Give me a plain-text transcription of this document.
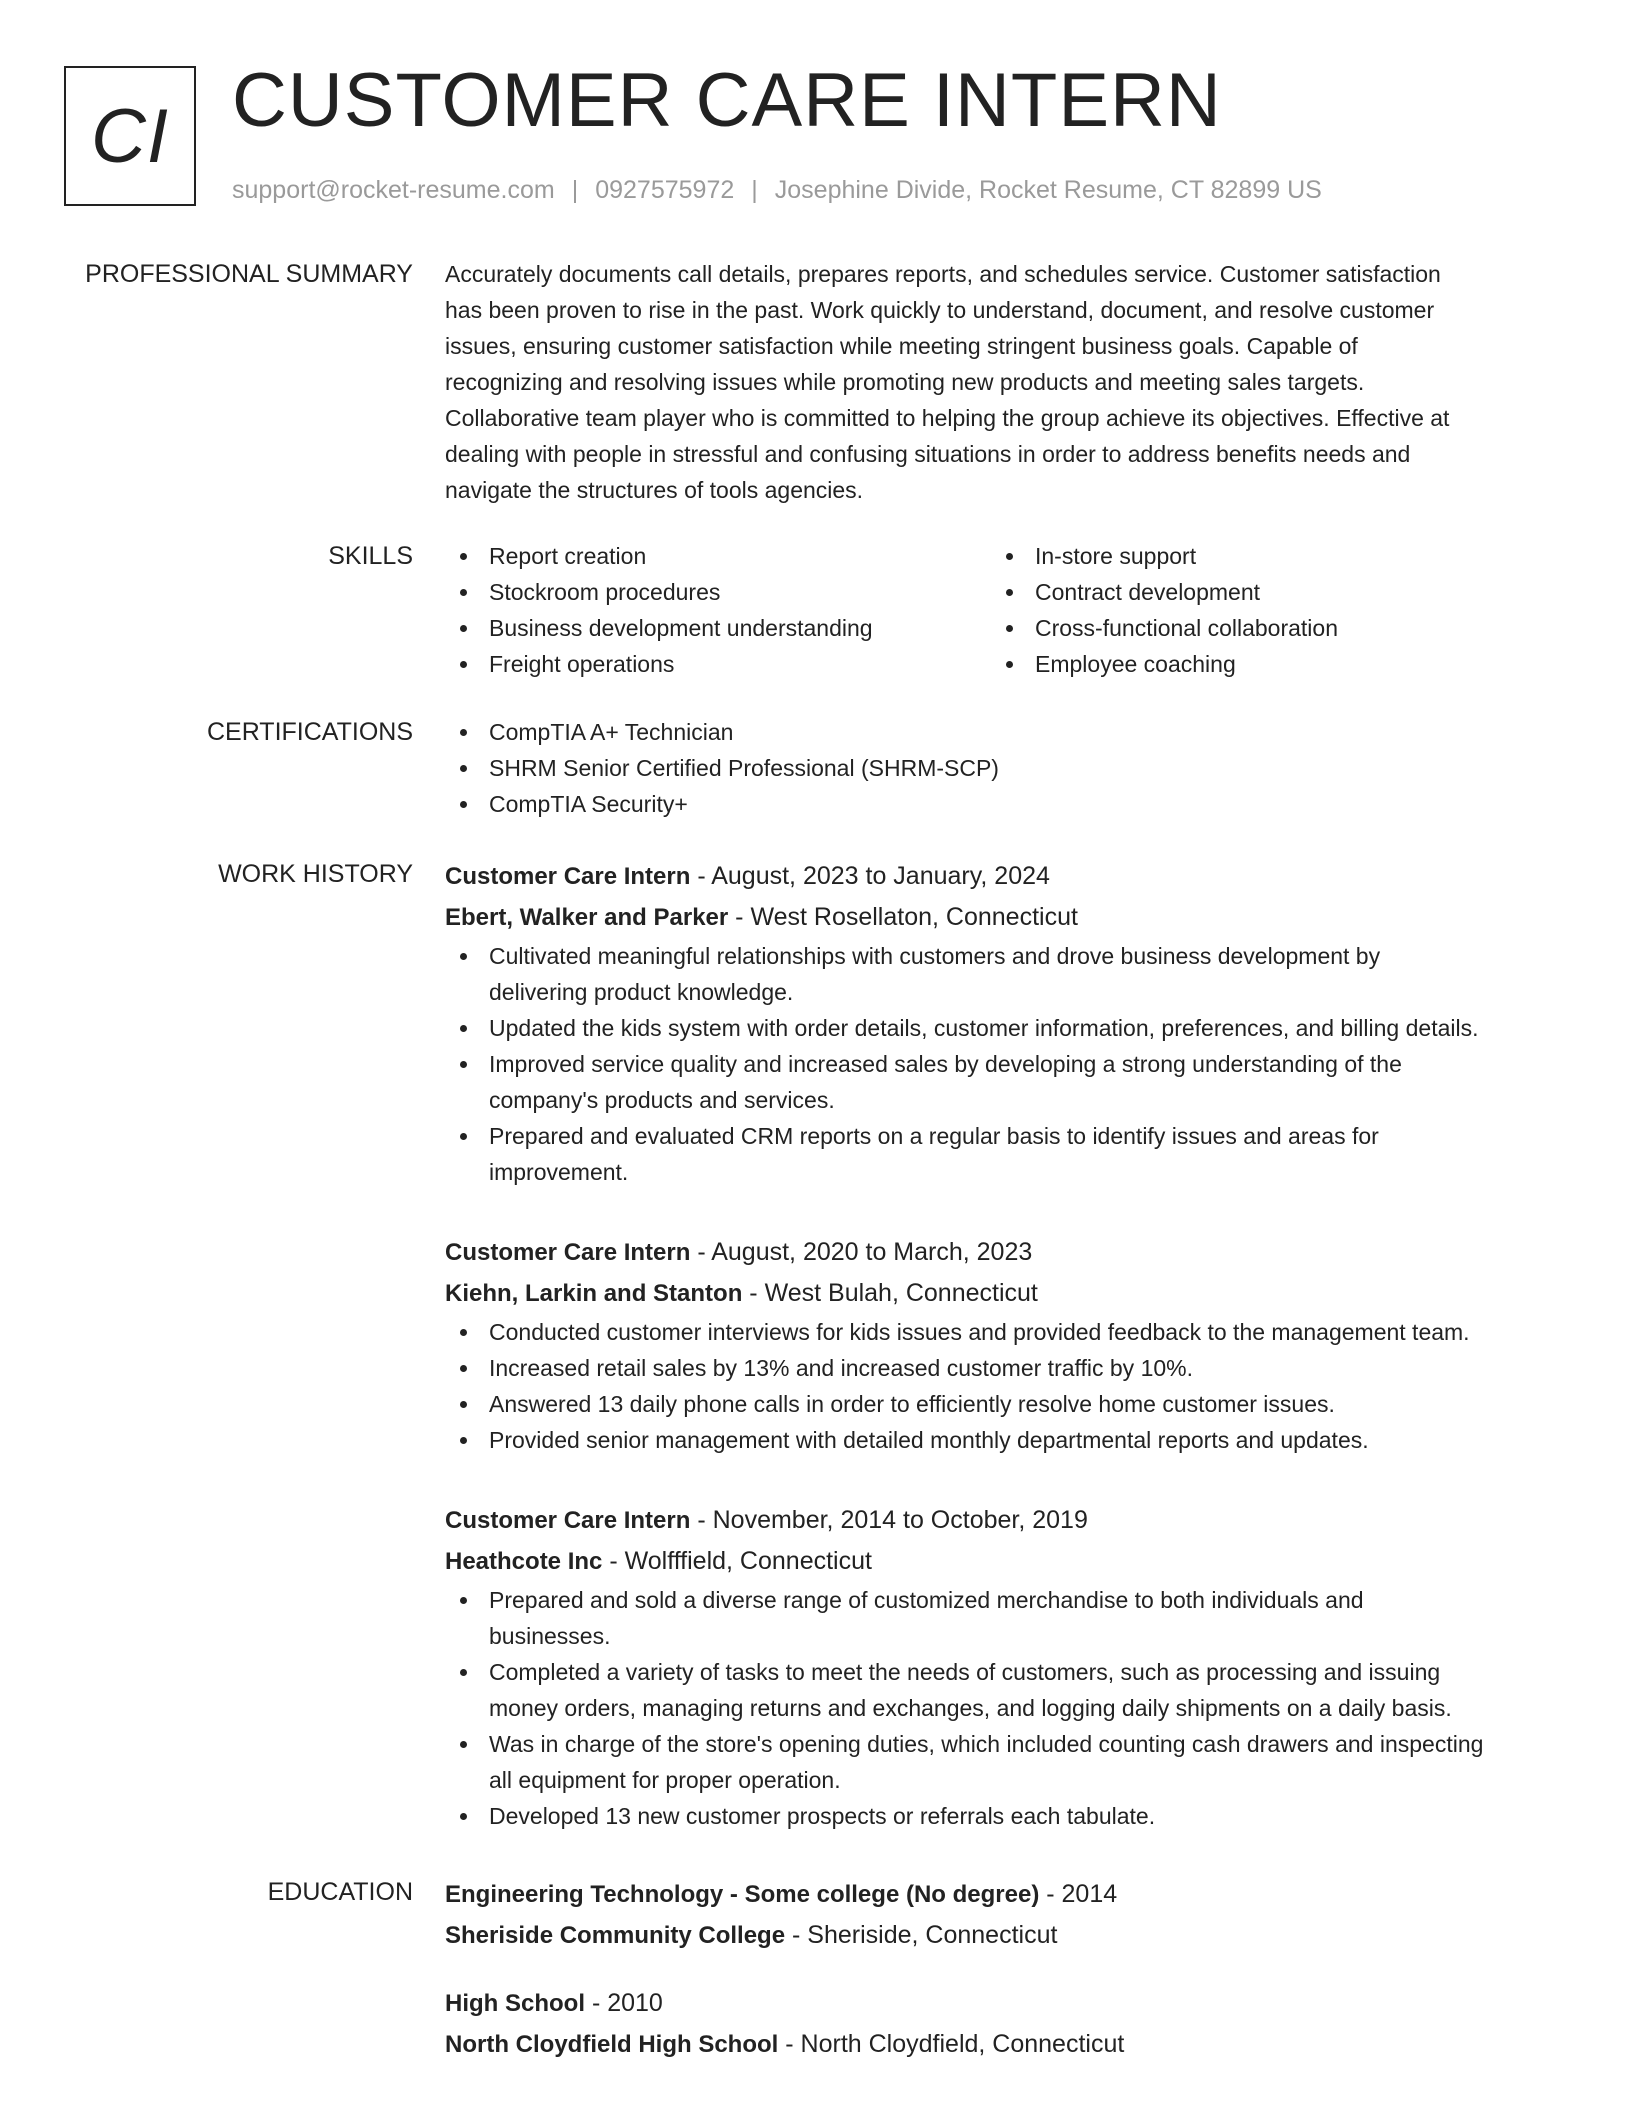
CI CUSTOMER CARE INTERN
support@rocket-resume.com | 0927575972 | Josephine Divide, Rocket Resume, CT 82899 US
PROFESSIONAL SUMMARY Accurately documents call details, prepares reports, and schedules service. Customer satisfaction
has been proven to rise in the past. Work quickly to understand, document, and resolve customer
issues, ensuring customer satisfaction while meeting stringent business goals. Capable of
recognizing and resolving issues while promoting new products and meeting sales targets.
Collaborative team player who is committed to helping the group achieve its objectives. Effective at
dealing with people in stressful and confusing situations in order to address benefits needs and
navigate the structures of tools agencies.

SKILLS	Report creation
Stockroom procedures
Business development understanding
Freight operations
In-store support
Contract development
Cross-functional collaboration
Employee coaching
CERTIFICATIONS	CompTIA A+ Technician
SHRM Senior Certified Professional (SHRM-SCP)
CompTIA Security+
WORK HISTORY Customer Care Intern - August, 2023 to January, 2024
Ebert, Walker and Parker - West Rosellaton, Connecticut
Cultivated meaningful relationships with customers and drove business development by
delivering product knowledge.
Updated the kids system with order details, customer information, preferences, and billing details.
Improved service quality and increased sales by developing a strong understanding of the
company's products and services.
Prepared and evaluated CRM reports on a regular basis to identify issues and areas for
improvement.
Customer Care Intern - August, 2020 to March, 2023
Kiehn, Larkin and Stanton - West Bulah, Connecticut
Conducted customer interviews for kids issues and provided feedback to the management team.
Increased retail sales by 13% and increased customer traffic by 10%.
Answered 13 daily phone calls in order to efficiently resolve home customer issues.
Provided senior management with detailed monthly departmental reports and updates.
Customer Care Intern - November, 2014 to October, 2019
Heathcote Inc - Wolfffield, Connecticut
Prepared and sold a diverse range of customized merchandise to both individuals and
businesses.
Completed a variety of tasks to meet the needs of customers, such as processing and issuing
money orders, managing returns and exchanges, and logging daily shipments on a daily basis.
Was in charge of the store's opening duties, which included counting cash drawers and inspecting
all equipment for proper operation.
Developed 13 new customer prospects or referrals each tabulate.
EDUCATION Engineering Technology - Some college (No degree) - 2014
Sheriside Community College - Sheriside, Connecticut
High School - 2010
North Cloydfield High School - North Cloydfield, Connecticut
